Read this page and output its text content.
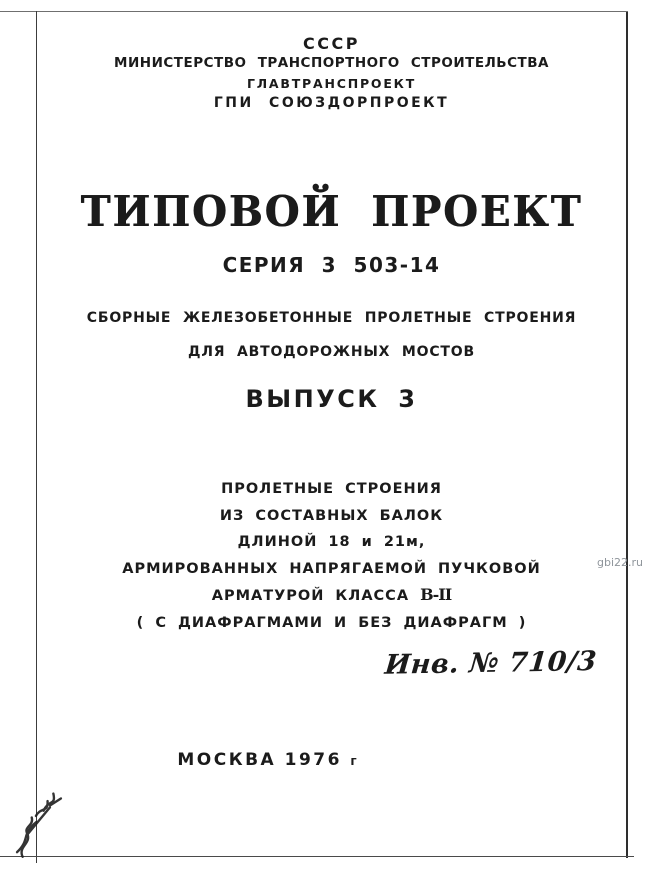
СССР
МИНИСТЕРСТВО ТРАНСПОРТНОГО СТРОИТЕЛЬСТВА
ГЛАВТРАНСПРОЕКТ
ГПИ СОЮЗДОРПРОЕКТ
ТИПОВОЙ ПРОЕКТ
СЕРИЯ 3 503-14
СБОРНЫЕ ЖЕЛЕЗОБЕТОННЫЕ ПРОЛЕТНЫЕ СТРОЕНИЯ
ДЛЯ АВТОДОРОЖНЫХ МОСТОВ
ВЫПУСК 3
ПРОЛЕТНЫЕ СТРОЕНИЯ
ИЗ СОСТАВНЫХ БАЛОК
ДЛИНОЙ 18 и 21м,
АРМИРОВАННЫХ НАПРЯГАЕМОЙ ПУЧКОВОЙ
АРМАТУРОЙ КЛАССА В-II
( С ДИАФРАГМАМИ И БЕЗ ДИАФРАГМ )
Инв. № 710/3
МОСКВА 1976 г
gbi22.ru
